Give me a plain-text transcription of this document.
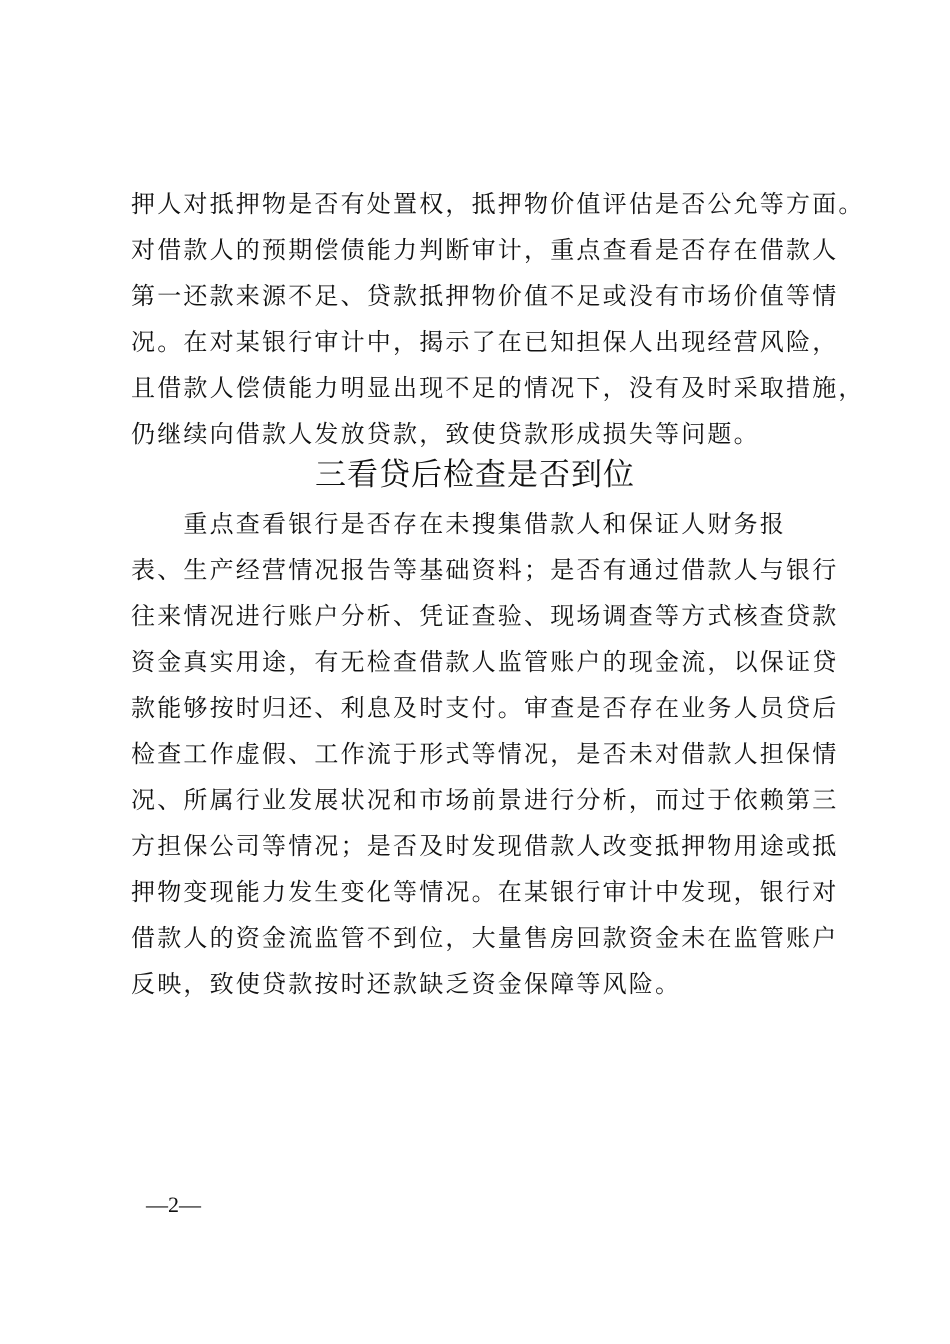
押人对抵押物是否有处置权，抵押物价值评估是否公允等方面。
对借款人的预期偿债能力判断审计，重点查看是否存在借款人
第一还款来源不足、贷款抵押物价值不足或没有市场价值等情
况。在对某银行审计中，揭示了在已知担保人出现经营风险，
且借款人偿债能力明显出现不足的情况下，没有及时采取措施，
仍继续向借款人发放贷款，致使贷款形成损失等问题。
三看贷后检查是否到位
　　重点查看银行是否存在未搜集借款人和保证人财务报
表、生产经营情况报告等基础资料；是否有通过借款人与银行
往来情况进行账户分析、凭证查验、现场调查等方式核查贷款
资金真实用途，有无检查借款人监管账户的现金流，以保证贷
款能够按时归还、利息及时支付。审查是否存在业务人员贷后
检查工作虚假、工作流于形式等情况，是否未对借款人担保情
况、所属行业发展状况和市场前景进行分析，而过于依赖第三
方担保公司等情况；是否及时发现借款人改变抵押物用途或抵
押物变现能力发生变化等情况。在某银行审计中发现，银行对
借款人的资金流监管不到位，大量售房回款资金未在监管账户
反映，致使贷款按时还款缺乏资金保障等风险。
—2—
